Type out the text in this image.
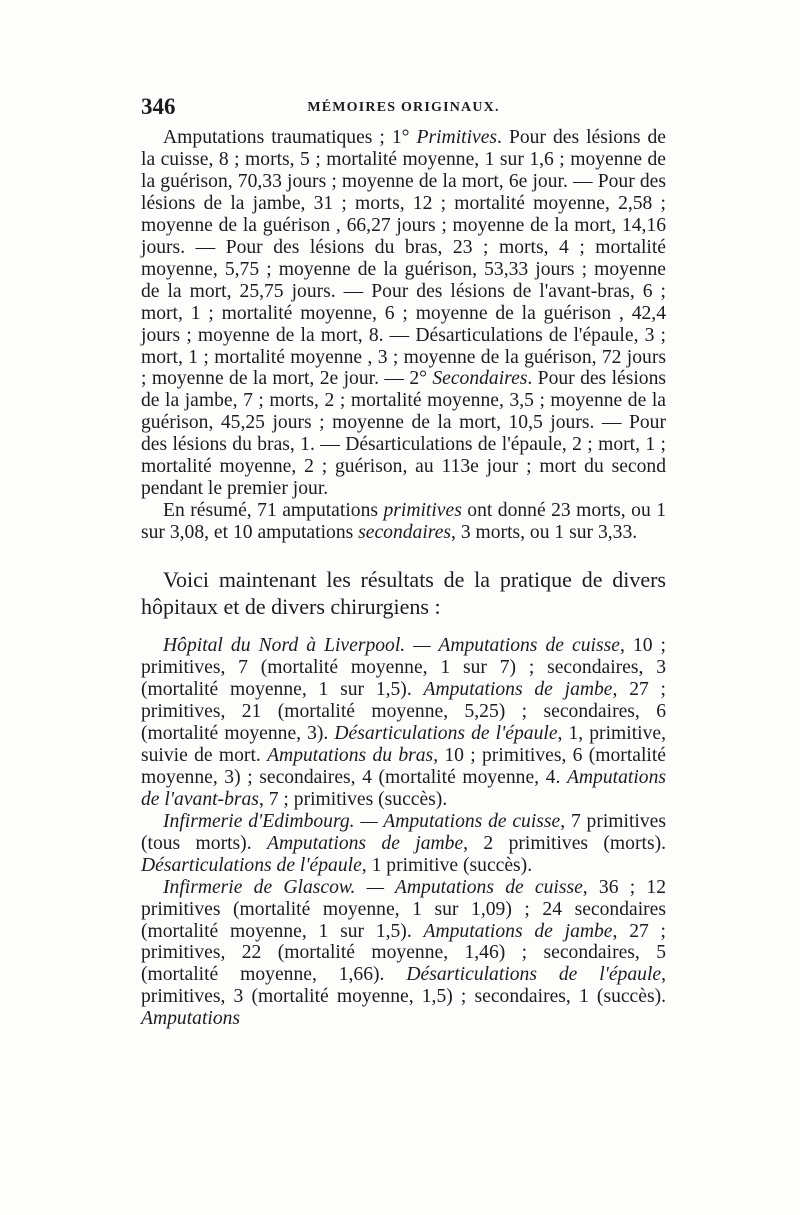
346	MÉMOIRES ORIGINAUX.

Amputations traumatiques ; 1° Primitives. Pour des lésions de la cuisse, 8 ; morts, 5 ; mortalité moyenne, 1 sur 1,6 ; moyenne de la guérison, 70,33 jours ; moyenne de la mort, 6e jour. — Pour des lésions de la jambe, 31 ; morts, 12 ; mortalité moyenne, 2,58 ; moyenne de la guérison , 66,27 jours ; moyenne de la mort, 14,16 jours. — Pour des lésions du bras, 23 ; morts, 4 ; mortalité moyenne, 5,75 ; moyenne de la guérison, 53,33 jours ; moyenne de la mort, 25,75 jours. — Pour des lésions de l'avant-bras, 6 ; mort, 1 ; mortalité moyenne, 6 ; moyenne de la guérison , 42,4 jours ; moyenne de la mort, 8. — Désarticulations de l'épaule, 3 ; mort, 1 ; mortalité moyenne , 3 ; moyenne de la guérison, 72 jours ; moyenne de la mort, 2e jour. — 2° Secondaires. Pour des lésions de la jambe, 7 ; morts, 2 ; mortalité moyenne, 3,5 ; moyenne de la guérison, 45,25 jours ; moyenne de la mort, 10,5 jours. — Pour des lésions du bras, 1. — Désarticulations de l'épaule, 2 ; mort, 1 ; mortalité moyenne, 2 ; guérison, au 113e jour ; mort du second pendant le premier jour.

En résumé, 71 amputations primitives ont donné 23 morts, ou 1 sur 3,08, et 10 amputations secondaires, 3 morts, ou 1 sur 3,33.

Voici maintenant les résultats de la pratique de divers hôpitaux et de divers chirurgiens :

Hôpital du Nord à Liverpool. — Amputations de cuisse, 10 ; primitives, 7 (mortalité moyenne, 1 sur 7) ; secondaires, 3 (mortalité moyenne, 1 sur 1,5). Amputations de jambe, 27 ; primitives, 21 (mortalité moyenne, 5,25) ; secondaires, 6 (mortalité moyenne, 3). Désarticulations de l'épaule, 1, primitive, suivie de mort. Amputations du bras, 10 ; primitives, 6 (mortalité moyenne, 3) ; secondaires, 4 (mortalité moyenne, 4. Amputations de l'avant-bras, 7 ; primitives (succès).

Infirmerie d'Edimbourg. — Amputations de cuisse, 7 primitives (tous morts). Amputations de jambe, 2 primitives (morts). Désarticulations de l'épaule, 1 primitive (succès).

Infirmerie de Glascow. — Amputations de cuisse, 36 ; 12 primitives (mortalité moyenne, 1 sur 1,09) ; 24 secondaires (mortalité moyenne, 1 sur 1,5). Amputations de jambe, 27 ; primitives, 22 (mortalité moyenne, 1,46) ; secondaires, 5 (mortalité moyenne, 1,66). Désarticulations de l'épaule, primitives, 3 (mortalité moyenne, 1,5) ; secondaires, 1 (succès). Amputations
